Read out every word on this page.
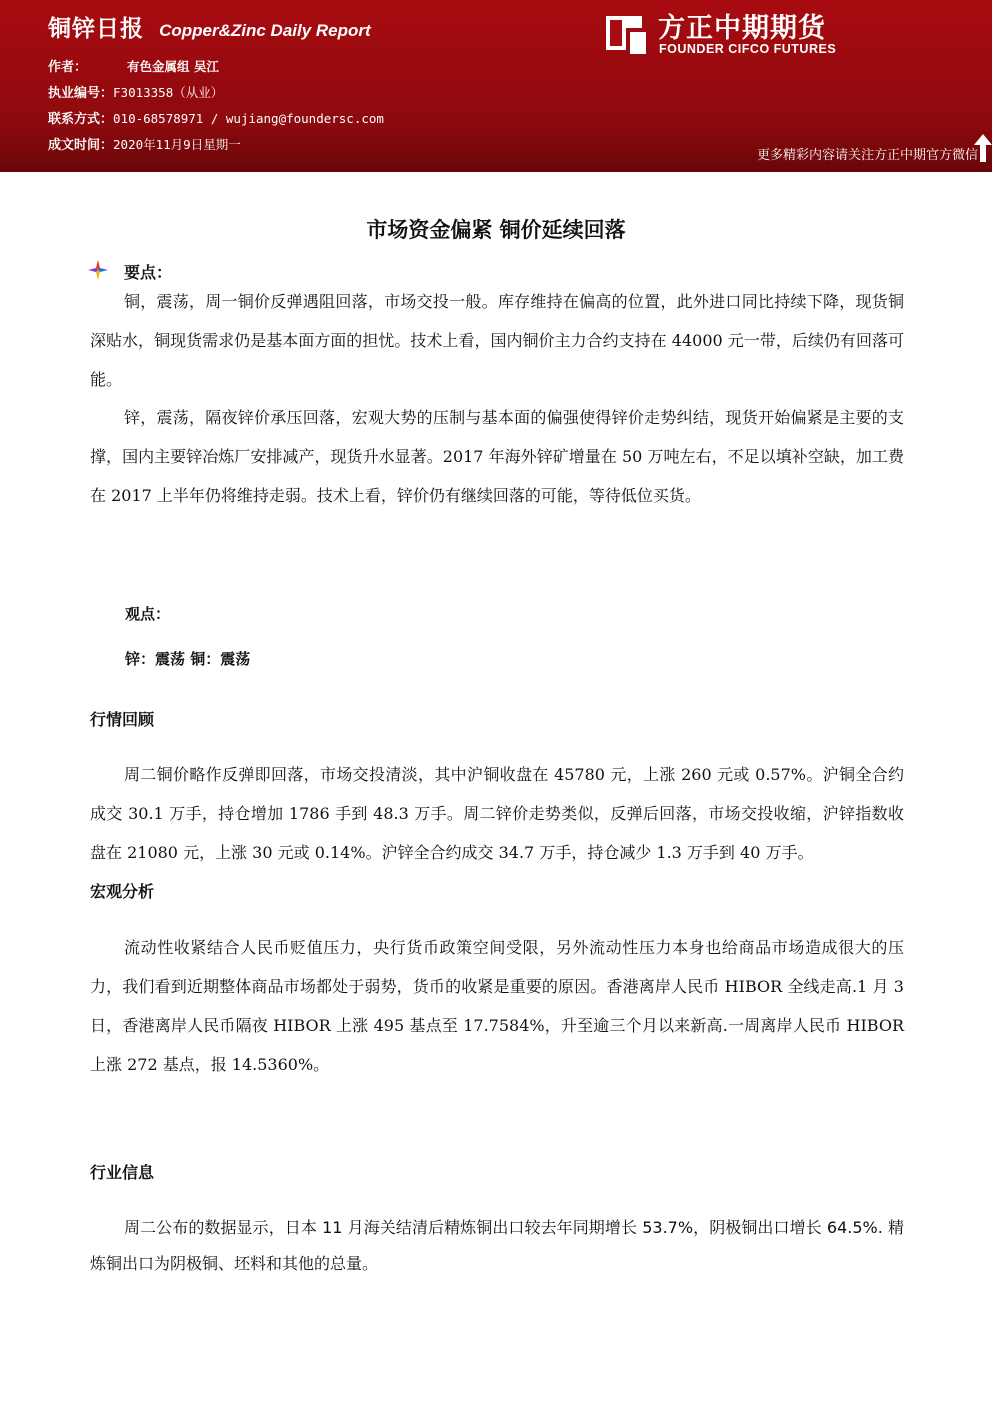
铜锌日报 Copper&Zinc Daily Report
作者：	有色金属组 吴江
执业编号：F3013358（从业）
联系方式：010-68578971 / wujiang@foundersc.com
成文时间：2020年11月9日星期一
方正中期期货
FOUNDER CIFCO FUTURES
更多精彩内容请关注方正中期官方微信
市场资金偏紧 铜价延续回落
要点：

铜，震荡，周一铜价反弹遇阻回落，市场交投一般。库存维持在偏高的位置，此外进口同比持续下降，现货铜深贴水，铜现货需求仍是基本面方面的担忧。技术上看，国内铜价主力合约支持在 44000 元一带，后续仍有回落可能。

锌，震荡，隔夜锌价承压回落，宏观大势的压制与基本面的偏强使得锌价走势纠结，现货开始偏紧是主要的支撑，国内主要锌冶炼厂安排减产，现货升水显著。2017 年海外锌矿增量在 50 万吨左右，不足以填补空缺，加工费在 2017 上半年仍将维持走弱。技术上看，锌价仍有继续回落的可能，等待低位买货。

观点：
锌：震荡 铜：震荡
行情回顾

周二铜价略作反弹即回落，市场交投清淡，其中沪铜收盘在 45780 元，上涨 260 元或 0.57%。沪铜全合约成交 30.1 万手，持仓增加 1786 手到 48.3 万手。周二锌价走势类似，反弹后回落，市场交投收缩，沪锌指数收盘在 21080 元，上涨 30 元或 0.14%。沪锌全合约成交 34.7 万手，持仓减少 1.3 万手到 40 万手。

宏观分析

流动性收紧结合人民币贬值压力，央行货币政策空间受限，另外流动性压力本身也给商品市场造成很大的压力，我们看到近期整体商品市场都处于弱势，货币的收紧是重要的原因。香港离岸人民币 HIBOR 全线走高.1 月 3 日，香港离岸人民币隔夜 HIBOR 上涨 495 基点至 17.7584%，升至逾三个月以来新高.一周离岸人民币 HIBOR 上涨 272 基点，报 14.5360%。

行业信息

周二公布的数据显示，日本 11 月海关结清后精炼铜出口较去年同期增长 53.7%，阴极铜出口增长 64.5%. 精炼铜出口为阴极铜、坯料和其他的总量。
